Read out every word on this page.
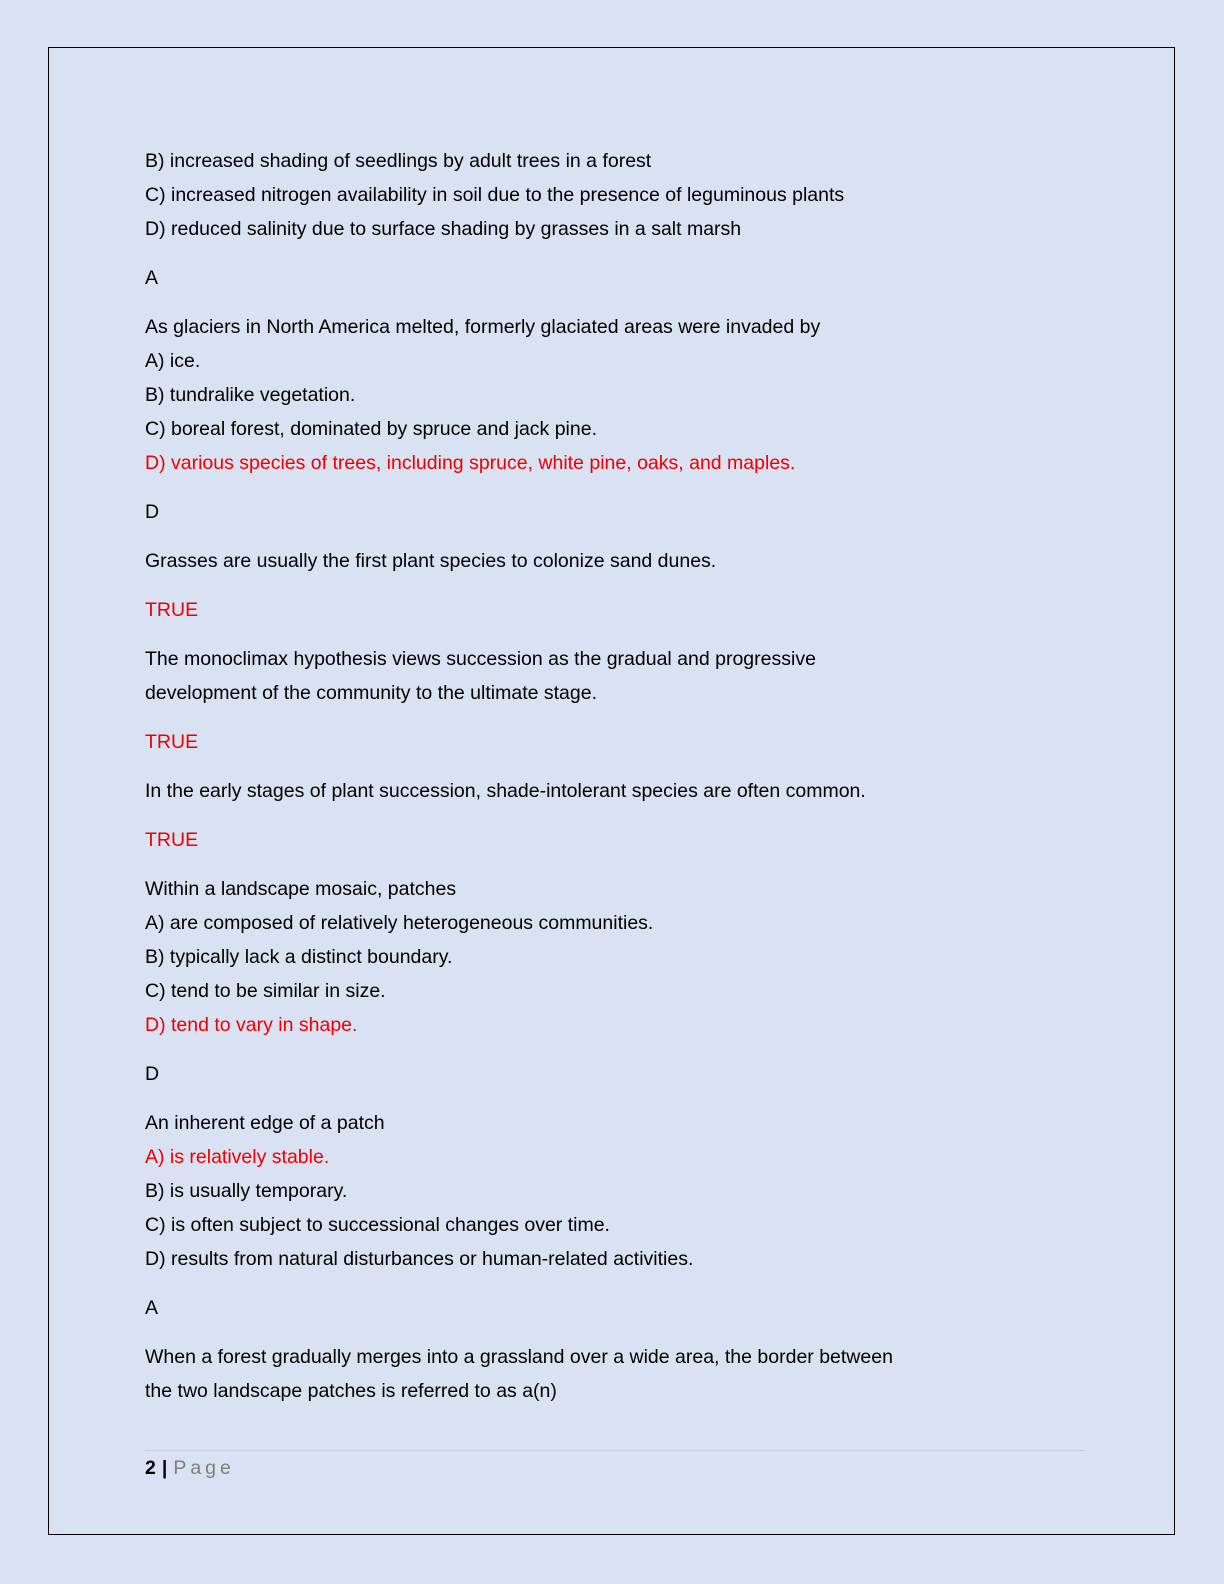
B) increased shading of seedlings by adult trees in a forest
C) increased nitrogen availability in soil due to the presence of leguminous plants
D) reduced salinity due to surface shading by grasses in a salt marsh
A
As glaciers in North America melted, formerly glaciated areas were invaded by
A) ice.
B) tundralike vegetation.
C) boreal forest, dominated by spruce and jack pine.
D) various species of trees, including spruce, white pine, oaks, and maples.
D
Grasses are usually the first plant species to colonize sand dunes.
TRUE
The monoclimax hypothesis views succession as the gradual and progressive
development of the community to the ultimate stage.
TRUE
In the early stages of plant succession, shade-intolerant species are often common.
TRUE
Within a landscape mosaic, patches
A) are composed of relatively heterogeneous communities.
B) typically lack a distinct boundary.
C) tend to be similar in size.
D) tend to vary in shape.
D
An inherent edge of a patch
A) is relatively stable.
B) is usually temporary.
C) is often subject to successional changes over time.
D) results from natural disturbances or human-related activities.
A
When a forest gradually merges into a grassland over a wide area, the border between
the two landscape patches is referred to as a(n)
2 | Page
